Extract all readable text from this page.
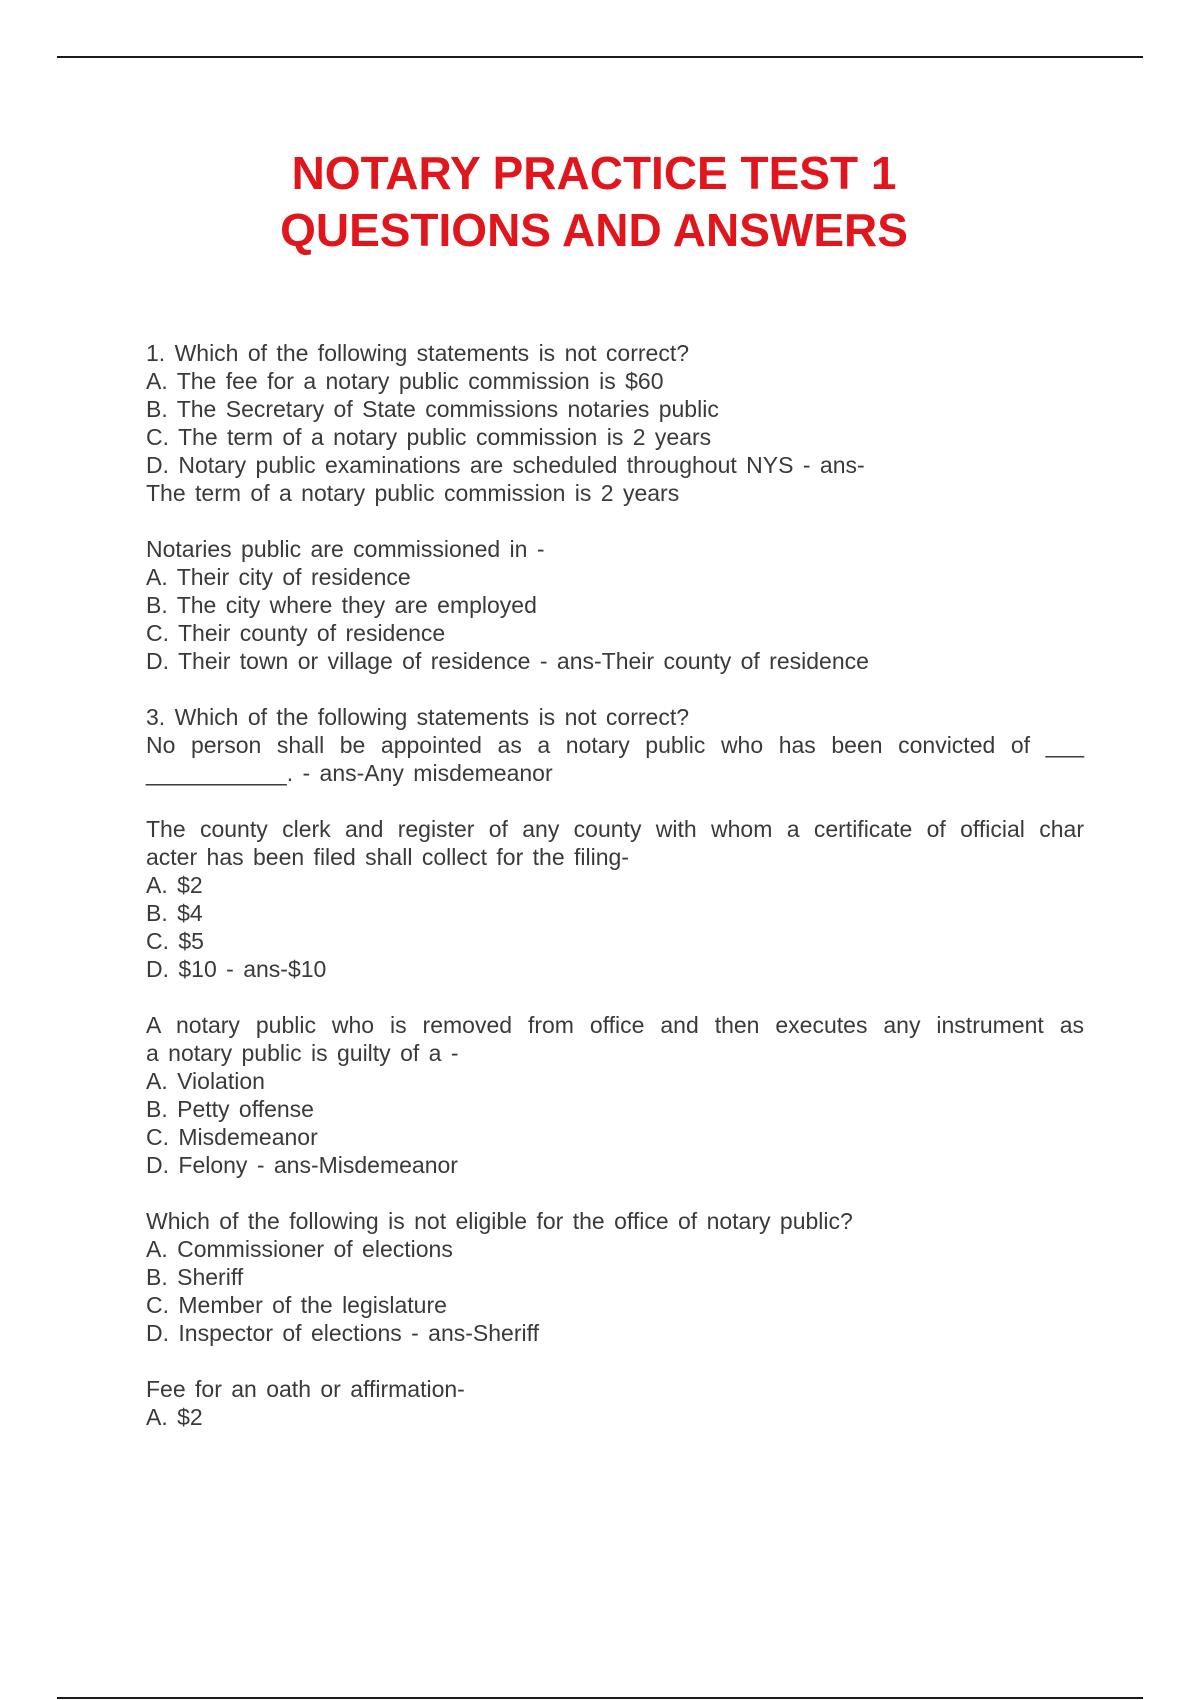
NOTARY PRACTICE TEST 1
QUESTIONS AND ANSWERS
1. Which of the following statements is not correct?
A. The fee for a notary public commission is $60
B. The Secretary of State commissions notaries public
C. The term of a notary public commission is 2 years
D. Notary public examinations are scheduled throughout NYS - ans-
The term of a notary public commission is 2 years
Notaries public are commissioned in -
A. Their city of residence
B. The city where they are employed
C. Their county of residence
D. Their town or village of residence - ans-Their county of residence
3. Which of the following statements is not correct?
No person shall be appointed as a notary public who has been convicted of ___
___________. - ans-Any misdemeanor
The county clerk and register of any county with whom a certificate of official char
acter has been filed shall collect for the filing-
A. $2
B. $4
C. $5
D. $10 - ans-$10
A notary public who is removed from office and then executes any instrument as
a notary public is guilty of a -
A. Violation
B. Petty offense
C. Misdemeanor
D. Felony - ans-Misdemeanor
Which of the following is not eligible for the office of notary public?
A. Commissioner of elections
B. Sheriff
C. Member of the legislature
D. Inspector of elections - ans-Sheriff
Fee for an oath or affirmation-
A. $2
